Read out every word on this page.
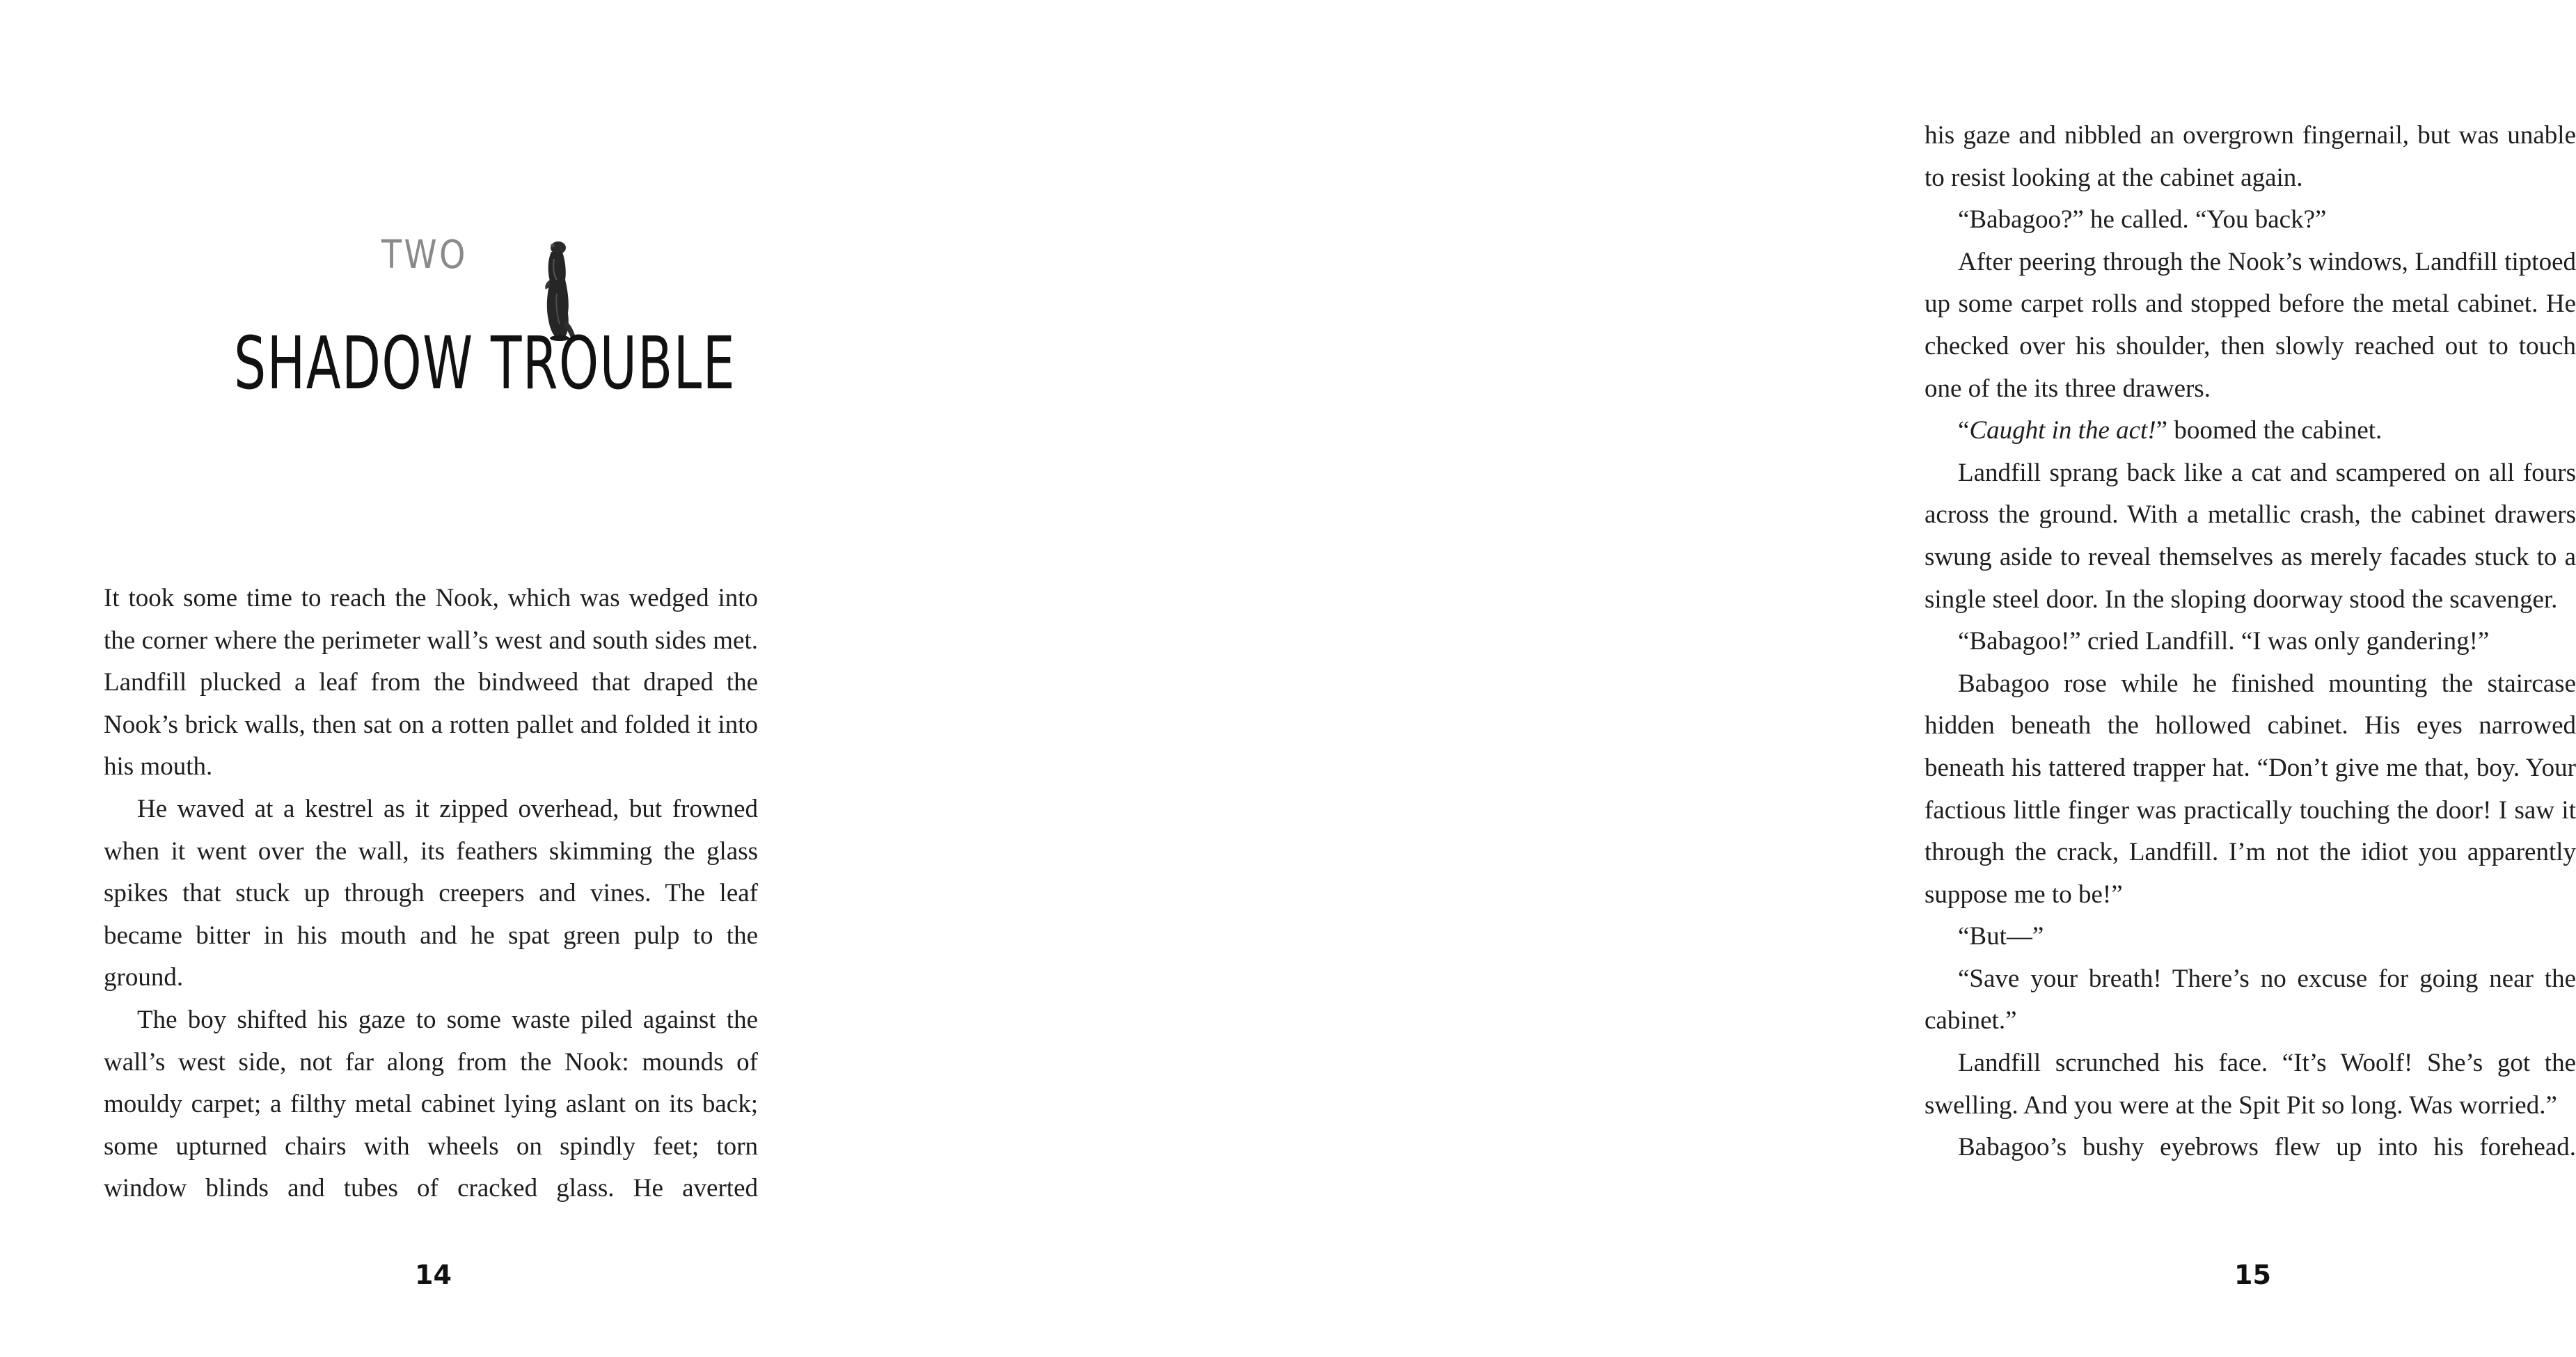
TWO
SHADOW TROUBLE

It took some time to reach the Nook, which was wedged into the corner where the perimeter wall’s west and south sides met. Landfill plucked a leaf from the bindweed that draped the Nook’s brick walls, then sat on a rotten pallet and folded it into his mouth.

He waved at a kestrel as it zipped overhead, but frowned when it went over the wall, its feathers skimming the glass spikes that stuck up through creepers and vines. The leaf became bitter in his mouth and he spat green pulp to the ground.

The boy shifted his gaze to some waste piled against the wall’s west side, not far along from the Nook: mounds of mouldy carpet; a filthy metal cabinet lying aslant on its back; some upturned chairs with wheels on spindly feet; torn window blinds and tubes of cracked glass. He averted

14

his gaze and nibbled an overgrown fingernail, but was unable to resist looking at the cabinet again.

“Babagoo?” he called. “You back?”

After peering through the Nook’s windows, Landfill tiptoed up some carpet rolls and stopped before the metal cabinet. He checked over his shoulder, then slowly reached out to touch one of the its three drawers.

“Caught in the act!” boomed the cabinet.

Landfill sprang back like a cat and scampered on all fours across the ground. With a metallic crash, the cabinet drawers swung aside to reveal themselves as merely facades stuck to a single steel door. In the sloping doorway stood the scavenger.

“Babagoo!” cried Landfill. “I was only gandering!”

Babagoo rose while he finished mounting the staircase hidden beneath the hollowed cabinet. His eyes narrowed beneath his tattered trapper hat. “Don’t give me that, boy. Your factious little finger was practically touching the door! I saw it through the crack, Landfill. I’m not the idiot you apparently suppose me to be!”

“But—”

“Save your breath! There’s no excuse for going near the cabinet.”

Landfill scrunched his face. “It’s Woolf! She’s got the swelling. And you were at the Spit Pit so long. Was worried.”

Babagoo’s bushy eyebrows flew up into his forehead.

15
